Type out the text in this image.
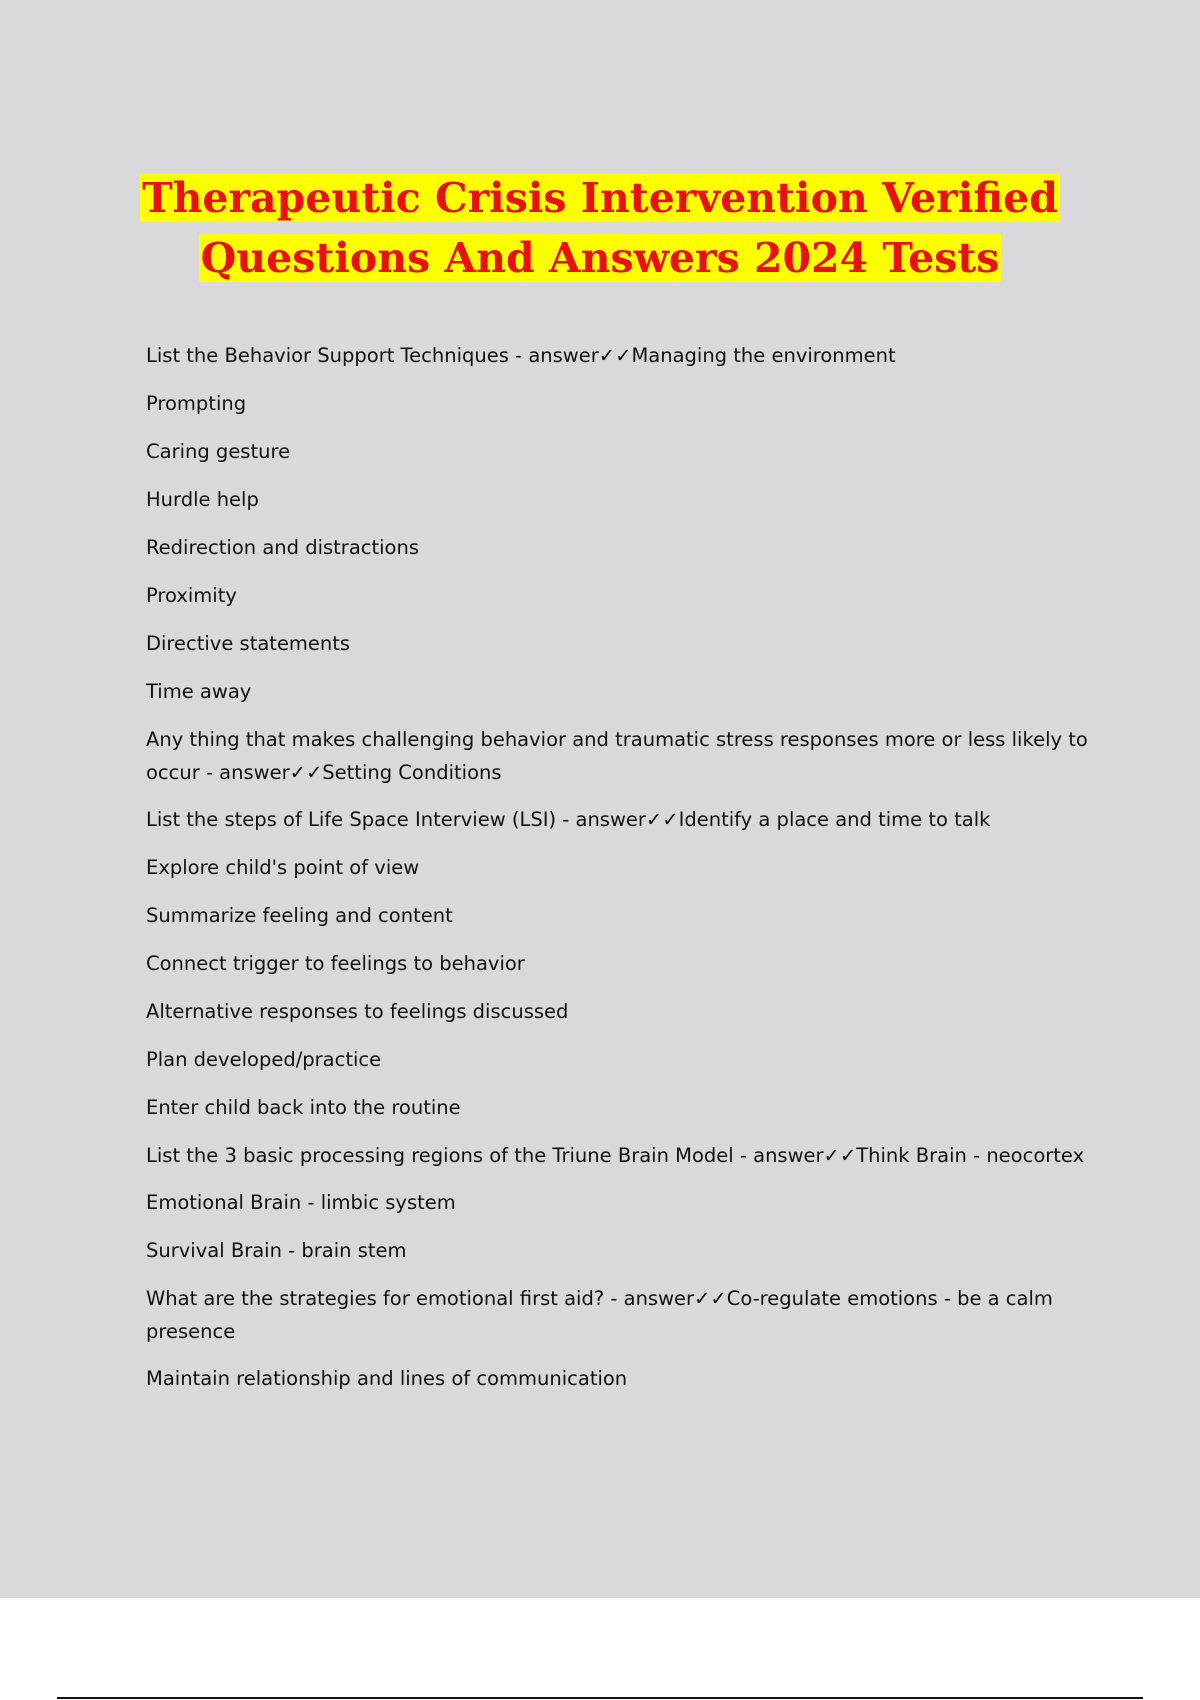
Therapeutic Crisis Intervention Verified
Questions And Answers 2024 Tests

List the Behavior Support Techniques - answer✓✓Managing the environment

Prompting

Caring gesture

Hurdle help

Redirection and distractions

Proximity

Directive statements

Time away

Any thing that makes challenging behavior and traumatic stress responses more or less likely to occur - answer✓✓Setting Conditions

List the steps of Life Space Interview (LSI) - answer✓✓Identify a place and time to talk

Explore child's point of view

Summarize feeling and content

Connect trigger to feelings to behavior

Alternative responses to feelings discussed

Plan developed/practice

Enter child back into the routine

List the 3 basic processing regions of the Triune Brain Model - answer✓✓Think Brain - neocortex

Emotional Brain - limbic system

Survival Brain - brain stem

What are the strategies for emotional first aid? - answer✓✓Co-regulate emotions - be a calm presence

Maintain relationship and lines of communication
